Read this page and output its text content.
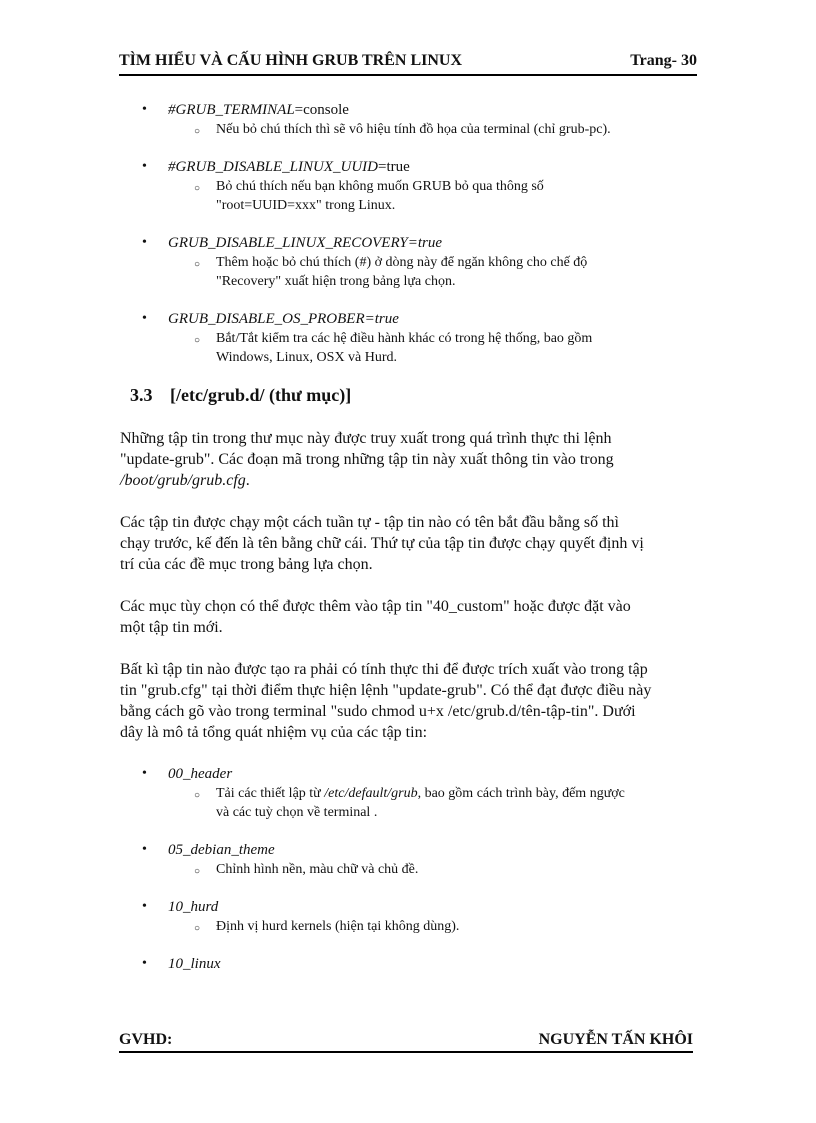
TÌM HIỂU VÀ CẤU HÌNH GRUB TRÊN LINUX	Trang- 30
• #GRUB_TERMINAL=console

○ Nếu bỏ chú thích thì sẽ vô hiệu tính đồ họa của terminal (chỉ grub-pc).

• #GRUB_DISABLE_LINUX_UUID=true

○ Bỏ chú thích nếu bạn không muốn GRUB bỏ qua thông số
"root=UUID=xxx" trong Linux.

• GRUB_DISABLE_LINUX_RECOVERY=true

○ Thêm hoặc bỏ chú thích (#) ở dòng này để ngăn không cho chế độ
"Recovery" xuất hiện trong bảng lựa chọn.

• GRUB_DISABLE_OS_PROBER=true

○ Bắt/Tắt kiểm tra các hệ điều hành khác có trong hệ thống, bao gồm
Windows, Linux, OSX và Hurd.

3.3 [/etc/grub.d/ (thư mục)]

Những tập tin trong thư mục này được truy xuất trong quá trình thực thi lệnh
"update-grub". Các đoạn mã trong những tập tin này xuất thông tin vào trong
/boot/grub/grub.cfg.

Các tập tin được chạy một cách tuần tự - tập tin nào có tên bắt đầu bằng số thì
chạy trước, kế đến là tên bằng chữ cái. Thứ tự của tập tin được chạy quyết định vị
trí của các đề mục trong bảng lựa chọn.

Các mục tùy chọn có thể được thêm vào tập tin "40_custom" hoặc được đặt vào
một tập tin mới.

Bất kì tập tin nào được tạo ra phải có tính thực thi để được trích xuất vào trong tập
tin "grub.cfg" tại thời điểm thực hiện lệnh "update-grub". Có thể đạt được điều này
bằng cách gõ vào trong terminal "sudo chmod u+x /etc/grub.d/tên-tập-tin". Dưới
dây là mô tả tổng quát nhiệm vụ của các tập tin:

• 00_header

○ Tải các thiết lập từ /etc/default/grub, bao gồm cách trình bày, đếm ngược
và các tuỳ chọn về terminal .

• 05_debian_theme

○ Chỉnh hình nền, màu chữ và chủ đề.

• 10_hurd

○ Định vị hurd kernels (hiện tại không dùng).

• 10_linux
GVHD:	NGUYỄN TẤN KHÔI
